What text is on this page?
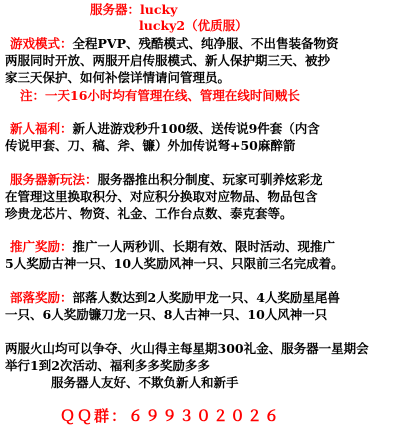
服务器：lucky
lucky2（优质服）
游戏模式：全程PVP、残酷模式、纯净服、不出售装备物资
两服同时开放、两服开启传服模式、新人保护期三天、被抄
家三天保护、如何补偿详情请问管理员。
注：一天16小时均有管理在线、管理在线时间贼长
新人福利：新人进游戏秒升100级、送传说9件套（内含
传说甲套、刀、稿、斧、镰）外加传说弩+50麻醉箭
服务器新玩法：服务器推出积分制度、玩家可驯养炫彩龙
在管理这里换取积分、对应积分换取对应物品、物品包含
珍贵龙芯片、物资、礼金、工作台点数、泰克套等。
推广奖励：推广一人两秒训、长期有效、限时活动、现推广
5人奖励古神一只、10人奖励风神一只、只限前三名完成着。
部落奖励：部落人数达到2人奖励甲龙一只、4人奖励星尾兽
一只、6人奖励镰刀龙一只、8人古神一只、10人风神一只
两服火山均可以争夺、火山得主每星期300礼金、服务器一星期会
举行1到2次活动、福利多多奖励多多
服务器人友好、不欺负新人和新手
ＱＱ群：６９９３０２０２６
